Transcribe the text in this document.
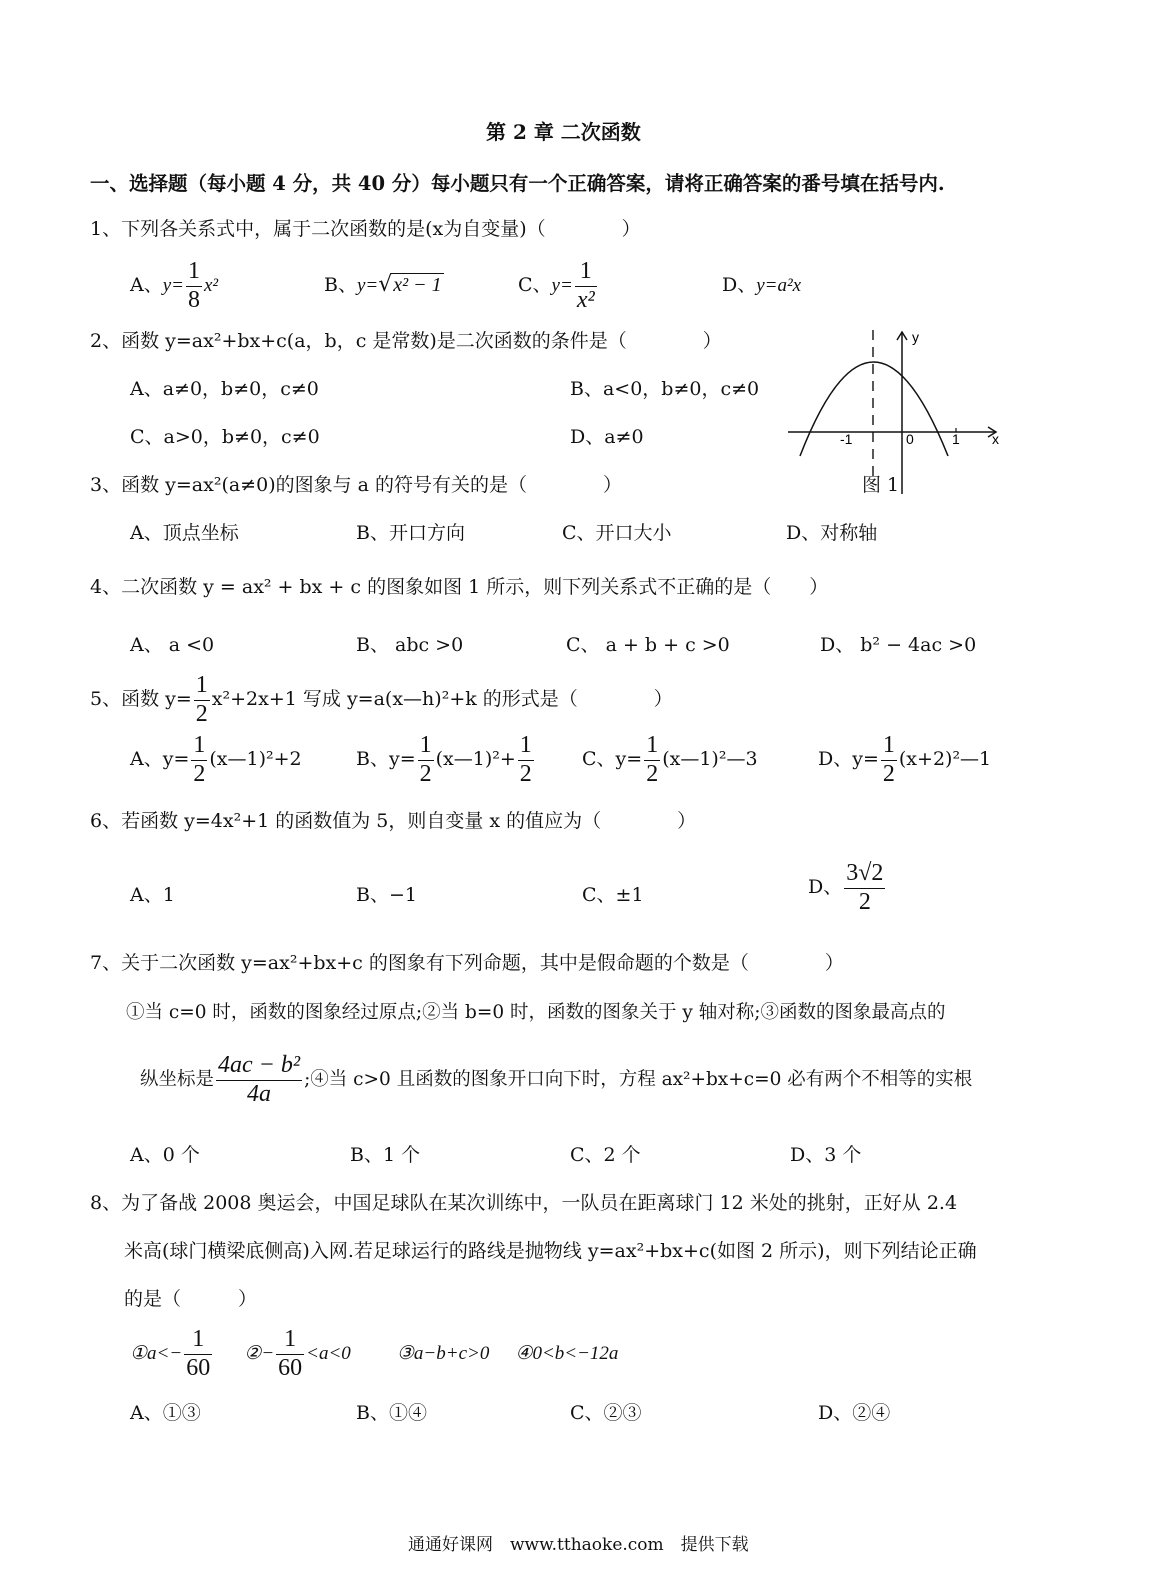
第 2 章 二次函数
一、选择题（每小题 4 分，共 40 分）每小题只有一个正确答案，请将正确答案的番号填在括号内.
1、下列各关系式中，属于二次函数的是(x为自变量)（　　　　）
A、$y= \frac{1}{8} x^2$	B、y=√x² − 1	C、$y= \frac{1}{\text{x²}}$	D、y=a²x
2、函数 y=ax²+bx+c(a，b，c 是常数)是二次函数的条件是（　　　　）
A、a≠0，b≠0，c≠0	B、a<0，b≠0，c≠0
C、a>0，b≠0，c≠0	D、a≠0
y
x
-1	0	1
图 1
3、函数 y=ax²(a≠0)的图象与 a 的符号有关的是（　　　　）
A、顶点坐标	B、开口方向	C、开口大小	D、对称轴
4、二次函数 y = ax² + bx + c 的图象如图 1 所示，则下列关系式不正确的是（　　）
A、 a <0	B、 abc >0	C、 a + b + c >0	D、 b² − 4ac >0
5、函数 $y= \frac{1}{2} x^2+2x+1$ 写成 y=a(x—h)²+k 的形式是（　　　　）
A、$y= \frac{1}{2}$ (x—1)²+2	B、$y= \frac{1}{2}$ (x—1)²+ $\frac{1}{2}$	C、$y= \frac{1}{2}$ (x—1)²—3	D、$y= \frac{1}{2}$ (x+2)²—1
6、若函数 y=4x²+1 的函数值为 5，则自变量 x 的值应为（　　　　）
A、1	B、−1	C、±1	D、 $\frac{3√2}{2}$
7、关于二次函数 y=ax²+bx+c 的图象有下列命题，其中是假命题的个数是（　　　　）
①当 c=0 时，函数的图象经过原点;②当 b=0 时，函数的图象关于 y 轴对称;③函数的图象最高点的
纵坐标是 $\frac{\text{4ac − b²}}{4a}$ ;④当 c>0 且函数的图象开口向下时，方程 ax²+bx+c=0 必有两个不相等的实根
A、0 个	B、1 个	C、2 个	D、3 个
8、为了备战 2008 奥运会，中国足球队在某次训练中，一队员在距离球门 12 米处的挑射，正好从 2.4
米高(球门横梁底侧高)入网.若足球运行的路线是抛物线 y=ax²+bx+c(如图 2 所示)，则下列结论正确
的是（　　　）
①a<− $\frac{1}{60}$ ②− $\frac{1}{60} <a<0$ ③a−b+c>0 ④0<b<−12a
A、①③	B、①④	C、②③	D、②④
通通好课网　www.tthaoke.com　提供下载
